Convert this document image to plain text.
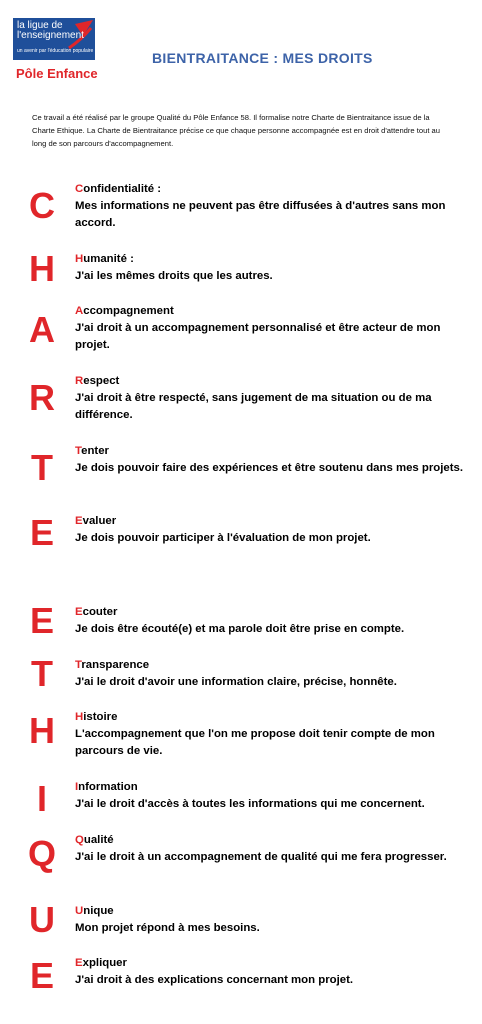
la ligue de
l'enseignement
un avenir par l'éducation populaire
Pôle Enfance
BIENTRAITANCE : MES DROITS
Ce travail a été réalisé par le groupe Qualité du Pôle Enfance 58. Il formalise notre Charte de Bientraitance issue de la Charte Ethique. La Charte de Bientraitance précise ce que chaque personne accompagnée est en droit d'attendre tout au long de son parcours d'accompagnement.
C Confidentialité :
Mes informations ne peuvent pas être diffusées à d'autres sans mon accord.
H Humanité :
J'ai les mêmes droits que les autres.
A Accompagnement
J'ai droit à un accompagnement personnalisé et être acteur de mon projet.
R Respect
J'ai droit à être respecté, sans jugement de ma situation ou de ma différence.
T	Tenter
Je dois pouvoir faire des expériences et être soutenu dans mes projets.
E	Evaluer
Je dois pouvoir participer à l'évaluation de mon projet.
E	Ecouter
Je dois être écouté(e) et ma parole doit être prise en compte.
T	Transparence
J'ai le droit d'avoir une information claire, précise, honnête.
H Histoire
L'accompagnement que l'on me propose doit tenir compte de mon parcours de vie.
I	Information
J'ai le droit d'accès à toutes les informations qui me concernent.
Q Qualité
J'ai le droit à un accompagnement de qualité qui me fera progresser.
U Unique
Mon projet répond à mes besoins.
E	Expliquer
J'ai droit à des explications concernant mon projet.
